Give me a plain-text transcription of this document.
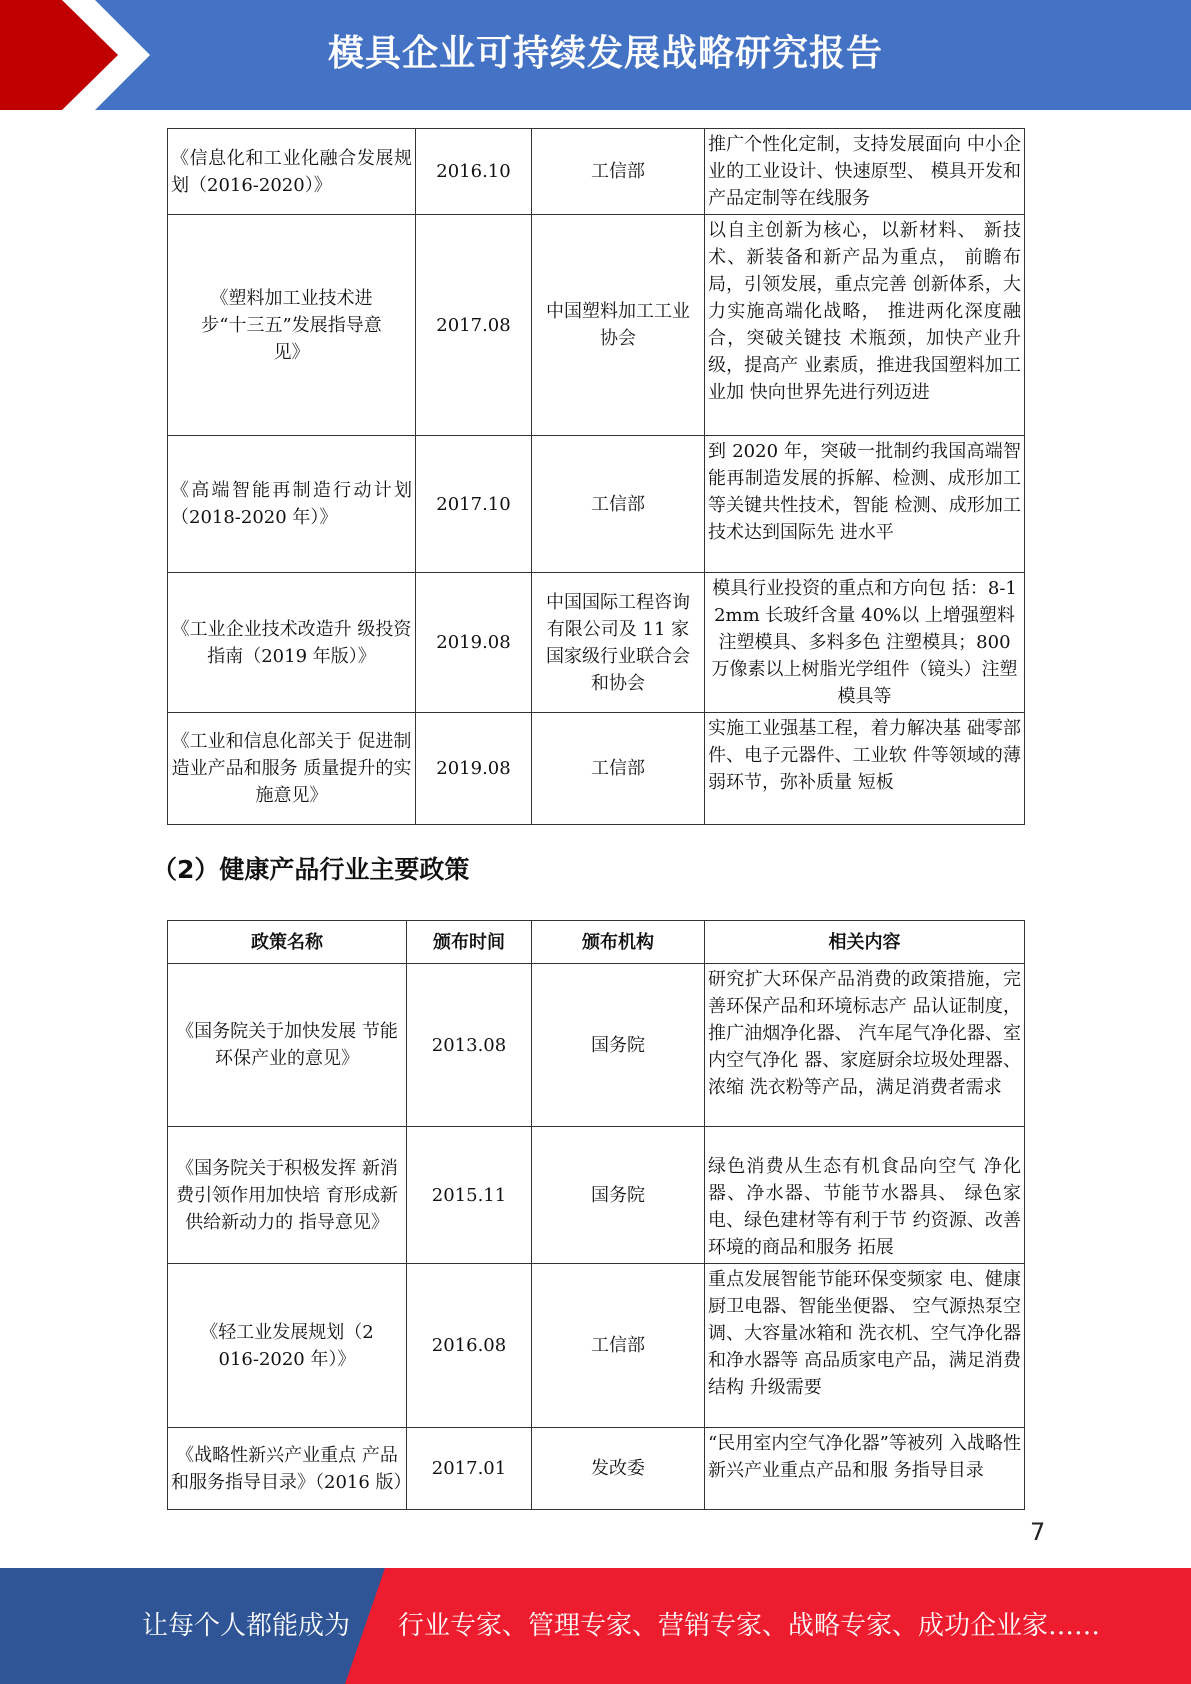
模具企业可持续发展战略研究报告
《信息化和工业化融合发展规划（2016-2020）》	2016.10	工信部	推广个性化定制，支持发展面向 中小企业的工业设计、快速原型、 模具开发和产品定制等在线服务
《塑料加工业技术进步“十三五”发展指导意见》	2017.08	中国塑料加工工业协会	以自主创新为核心，以新材料、 新技术、新装备和新产品为重点， 前瞻布局，引领发展，重点完善 创新体系，大力实施高端化战略， 推进两化深度融合，突破关键技 术瓶颈，加快产业升级，提高产 业素质，推进我国塑料加工业加 快向世界先进行列迈进
《高端智能再制造行动计划（2018-2020 年）》	2017.10	工信部	到 2020 年，突破一批制约我国高端智能再制造发展的拆解、检测、成形加工等关键共性技术，智能 检测、成形加工技术达到国际先 进水平
《工业企业技术改造升 级投资指南（2019 年版）》	2019.08	中国国际工程咨询有限公司及 11 家国家级行业联合会和协会	模具行业投资的重点和方向包 括：8-12mm 长玻纤含量 40%以 上增强塑料注塑模具、多料多色 注塑模具；800 万像素以上树脂光学组件（镜头）注塑模具等
《工业和信息化部关于 促进制造业产品和服务 质量提升的实施意见》	2019.08	工信部	实施工业强基工程，着力解决基 础零部件、电子元器件、工业软 件等领域的薄弱环节，弥补质量 短板
（2）健康产品行业主要政策
政策名称	颁布时间	颁布机构	相关内容
《国务院关于加快发展 节能环保产业的意见》	2013.08	国务院	研究扩大环保产品消费的政策措施，完善环保产品和环境标志产 品认证制度，推广油烟净化器、 汽车尾气净化器、室内空气净化 器、家庭厨余垃圾处理器、浓缩 洗衣粉等产品，满足消费者需求
《国务院关于积极发挥 新消费引领作用加快培 育形成新供给新动力的 指导意见》	2015.11	国务院	绿色消费从生态有机食品向空气 净化器、净水器、节能节水器具、 绿色家电、绿色建材等有利于节 约资源、改善环境的商品和服务 拓展
《轻工业发展规划（2016-2020 年）》	2016.08	工信部	重点发展智能节能环保变频家 电、健康厨卫电器、智能坐便器、 空气源热泵空调、大容量冰箱和 洗衣机、空气净化器和净水器等 高品质家电产品，满足消费结构 升级需要
《战略性新兴产业重点 产品和服务指导目录》（2016 版）	2017.01	发改委	“民用室内空气净化器”等被列 入战略性新兴产业重点产品和服 务指导目录
7
让每个人都能成为 行业专家、管理专家、营销专家、战略专家、成功企业家……
